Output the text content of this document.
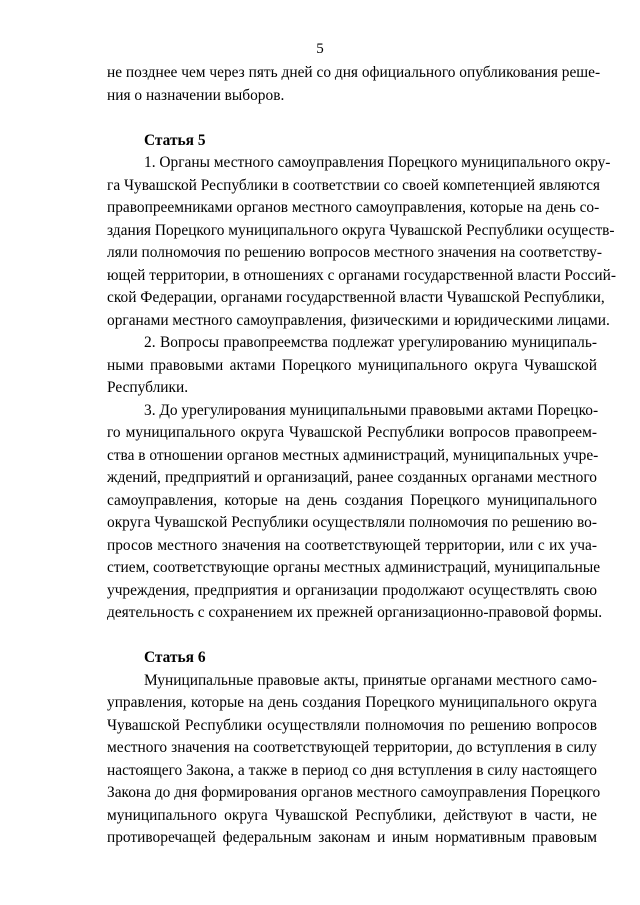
5
не позднее чем через пять дней со дня официального опубликования реше-
ния о назначении выборов.
Статья 5
1. Органы местного самоуправления Порецкого муниципального окру-
га Чувашской Республики в соответствии со своей компетенцией являются
правопреемниками органов местного самоуправления, которые на день со-
здания Порецкого муниципального округа Чувашской Республики осуществ-
ляли полномочия по решению вопросов местного значения на соответству-
ющей территории, в отношениях с органами государственной власти Россий-
ской Федерации, органами государственной власти Чувашской Республики,
органами местного самоуправления, физическими и юридическими лицами.
2. Вопросы правопреемства подлежат урегулированию муниципаль-
ными правовыми актами Порецкого муниципального округа Чувашской
Республики.
3. До урегулирования муниципальными правовыми актами Порецко-
го муниципального округа Чувашской Республики вопросов правопреем-
ства в отношении органов местных администраций, муниципальных учре-
ждений, предприятий и организаций, ранее созданных органами местного
самоуправления, которые на день создания Порецкого муниципального
округа Чувашской Республики осуществляли полномочия по решению во-
просов местного значения на соответствующей территории, или с их уча-
стием, соответствующие органы местных администраций, муниципальные
учреждения, предприятия и организации продолжают осуществлять свою
деятельность с сохранением их прежней организационно-правовой формы.
Статья 6
Муниципальные правовые акты, принятые органами местного само-
управления, которые на день создания Порецкого муниципального округа
Чувашской Республики осуществляли полномочия по решению вопросов
местного значения на соответствующей территории, до вступления в силу
настоящего Закона, а также в период со дня вступления в силу настоящего
Закона до дня формирования органов местного самоуправления Порецкого
муниципального округа Чувашской Республики, действуют в части, не
противоречащей федеральным законам и иным нормативным правовым
